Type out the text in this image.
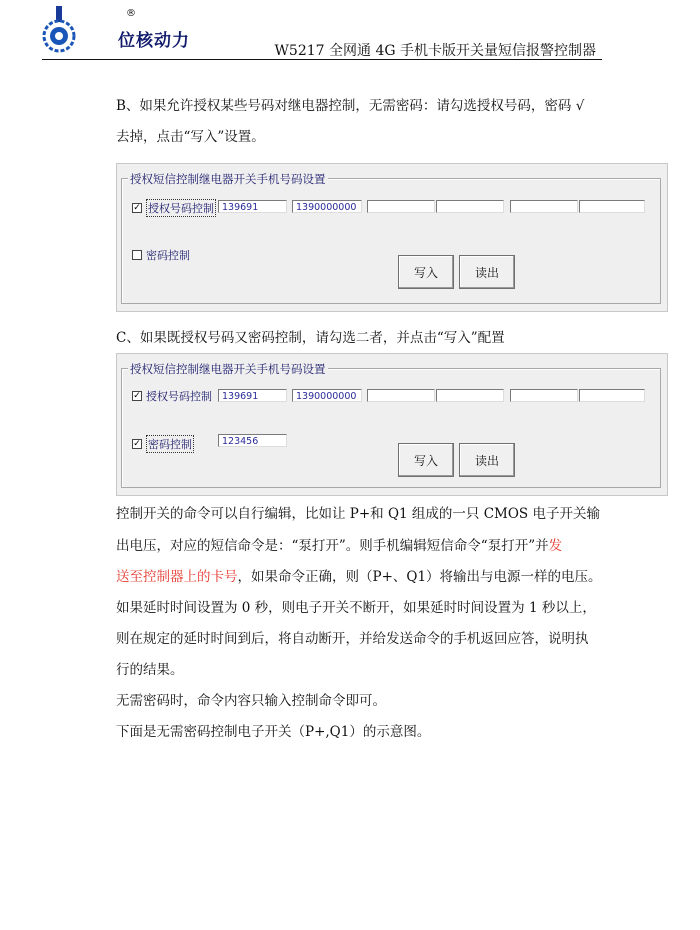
®
位核动力	W5217 全网通 4G 手机卡版开关量短信报警控制器
B、如果允许授权某些号码对继电器控制，无需密码：请勾选授权号码，密码 √
去掉，点击“写入”设置。
授权短信控制继电器开关手机号码设置
✓ 授权号码控制 139691	1390000000
密码控制
写入	读出
C、如果既授权号码又密码控制，请勾选二者，并点击“写入”配置
授权短信控制继电器开关手机号码设置
✓ 授权号码控制	139691	1390000000
✓ 密码控制	123456
写入	读出
控制开关的命令可以自行编辑，比如让 P+和 Q1 组成的一只 CMOS 电子开关输
出电压，对应的短信命令是：“泵打开”。则手机编辑短信命令“泵打开”并发
送至控制器上的卡号，如果命令正确，则（P+、Q1）将输出与电源一样的电压。
如果延时时间设置为 0 秒，则电子开关不断开，如果延时时间设置为 1 秒以上，
则在规定的延时时间到后，将自动断开，并给发送命令的手机返回应答，说明执
行的结果。
无需密码时，命令内容只输入控制命令即可。
下面是无需密码控制电子开关（P+,Q1）的示意图。
